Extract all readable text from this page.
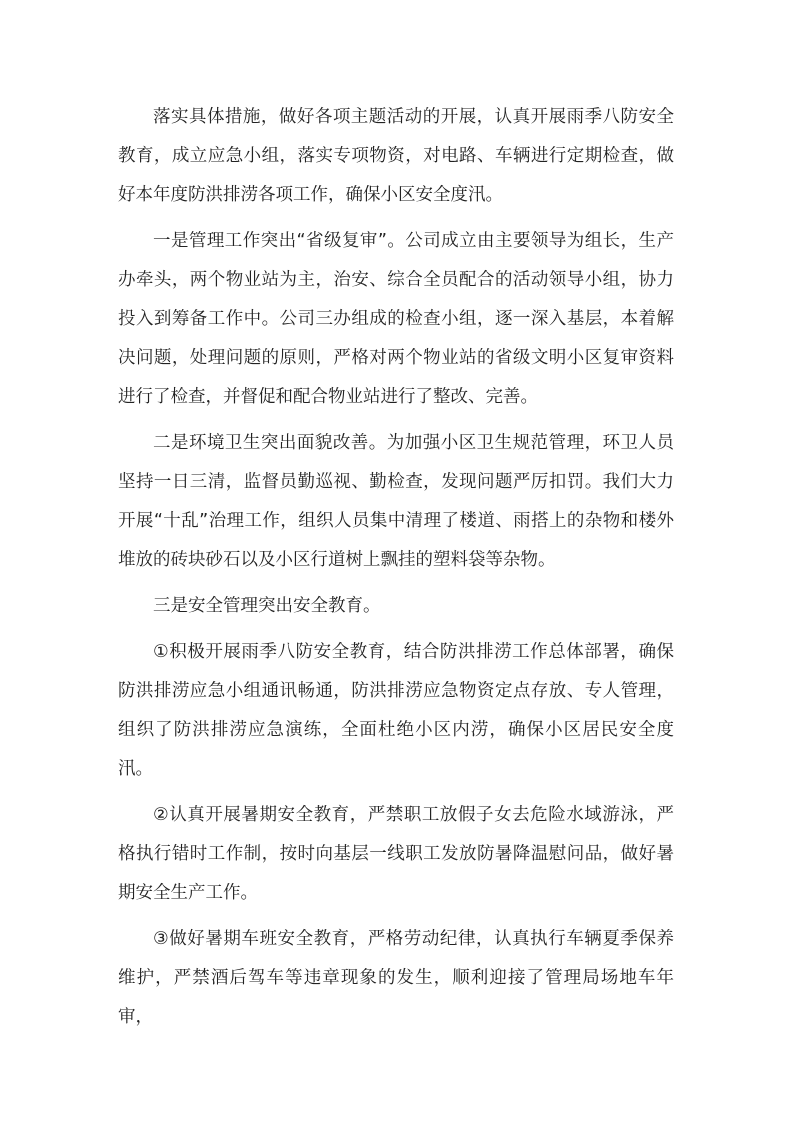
落实具体措施，做好各项主题活动的开展，认真开展雨季八防安全教育，成立应急小组，落实专项物资，对电路、车辆进行定期检查，做好本年度防洪排涝各项工作，确保小区安全度汛。

一是管理工作突出“省级复审”。公司成立由主要领导为组长，生产办牵头，两个物业站为主，治安、综合全员配合的活动领导小组，协力投入到筹备工作中。公司三办组成的检查小组，逐一深入基层，本着解决问题，处理问题的原则，严格对两个物业站的省级文明小区复审资料进行了检查，并督促和配合物业站进行了整改、完善。

二是环境卫生突出面貌改善。为加强小区卫生规范管理，环卫人员坚持一日三清，监督员勤巡视、勤检查，发现问题严厉扣罚。我们大力开展“十乱”治理工作，组织人员集中清理了楼道、雨搭上的杂物和楼外堆放的砖块砂石以及小区行道树上飘挂的塑料袋等杂物。

三是安全管理突出安全教育。

①积极开展雨季八防安全教育，结合防洪排涝工作总体部署，确保防洪排涝应急小组通讯畅通，防洪排涝应急物资定点存放、专人管理，组织了防洪排涝应急演练，全面杜绝小区内涝，确保小区居民安全度汛。

②认真开展暑期安全教育，严禁职工放假子女去危险水域游泳，严格执行错时工作制，按时向基层一线职工发放防暑降温慰问品，做好暑期安全生产工作。

③做好暑期车班安全教育，严格劳动纪律，认真执行车辆夏季保养维护，严禁酒后驾车等违章现象的发生，顺利迎接了管理局场地车年审，
